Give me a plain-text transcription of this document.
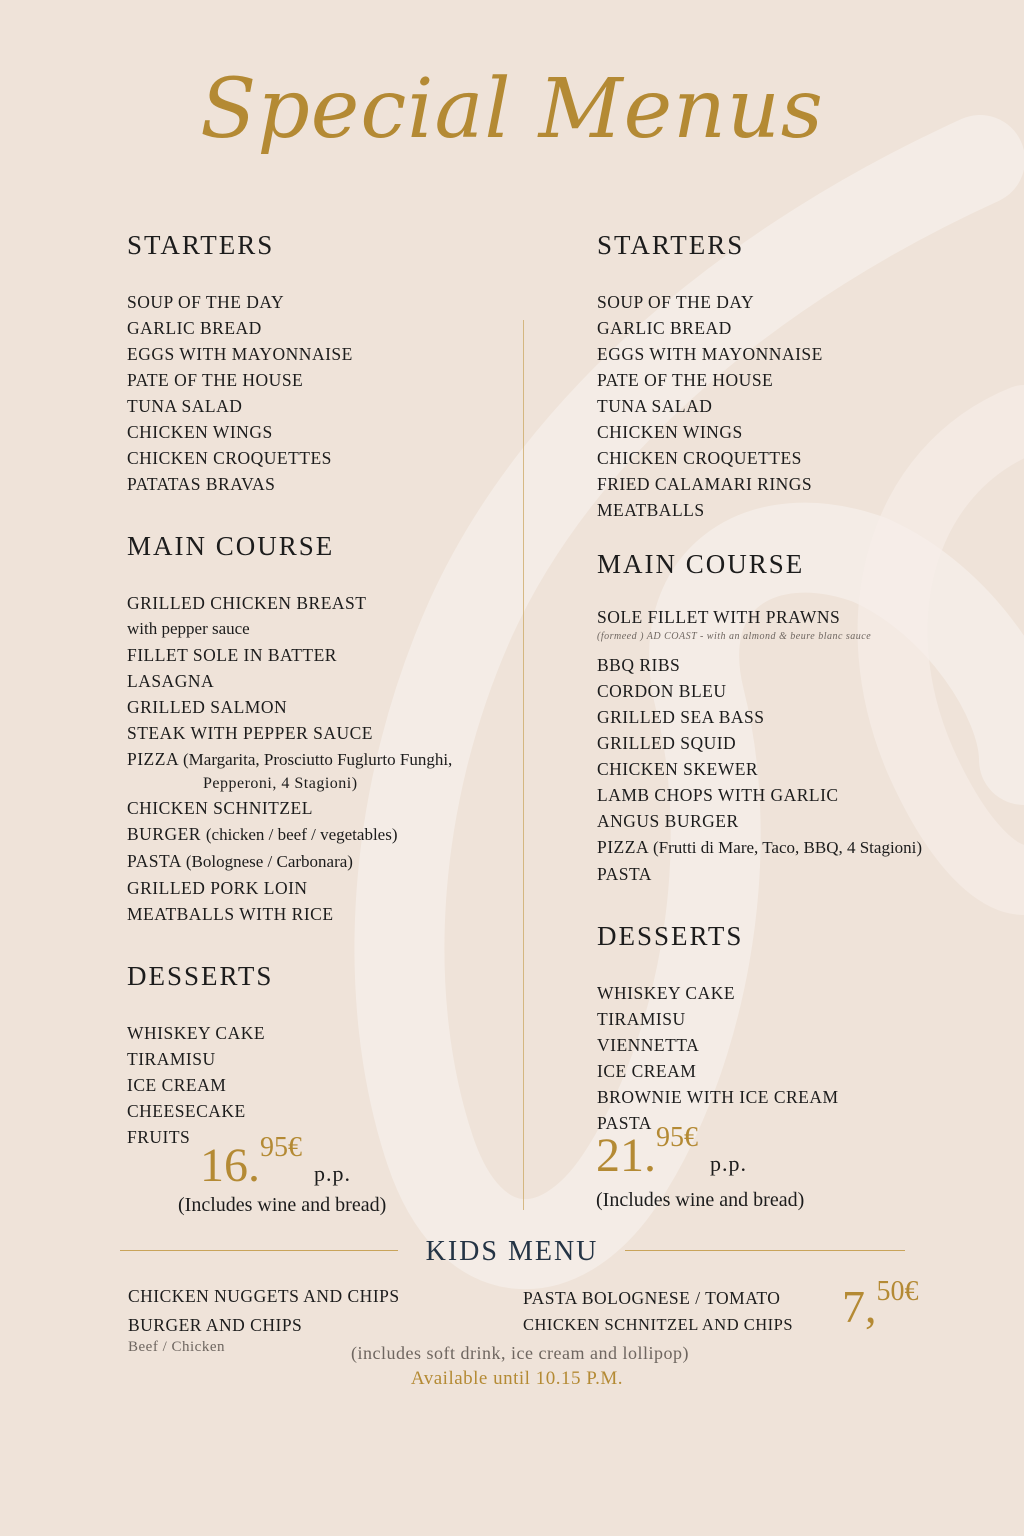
Special Menus
STARTERS
SOUP OF THE DAY
GARLIC BREAD
EGGS WITH MAYONNAISE
PATE OF THE HOUSE
TUNA SALAD
CHICKEN WINGS
CHICKEN CROQUETTES
PATATAS BRAVAS
MAIN COURSE
GRILLED CHICKEN BREAST
with pepper sauce
FILLET SOLE IN BATTER
LASAGNA
GRILLED SALMON
STEAK WITH PEPPER SAUCE
PIZZA (Margarita, Prosciutto Fuglurto Funghi,
Pepperoni, 4 Stagioni)
CHICKEN SCHNITZEL
BURGER (chicken / beef / vegetables)
PASTA (Bolognese / Carbonara)
GRILLED PORK LOIN
MEATBALLS WITH RICE
DESSERTS
WHISKEY CAKE
TIRAMISU
ICE CREAM
CHEESECAKE
FRUITS
16.$^{95€}$ p.p.
(Includes wine and bread)
STARTERS
SOUP OF THE DAY
GARLIC BREAD
EGGS WITH MAYONNAISE
PATE OF THE HOUSE
TUNA SALAD
CHICKEN WINGS
CHICKEN CROQUETTES
FRIED CALAMARI RINGS
MEATBALLS
MAIN COURSE
SOLE FILLET WITH PRAWNS
(formeed ) AD COAST - with an almond & beure blanc sauce
BBQ RIBS
CORDON BLEU
GRILLED SEA BASS
GRILLED SQUID
CHICKEN SKEWER
LAMB CHOPS WITH GARLIC
ANGUS BURGER
PIZZA (Frutti di Mare, Taco, BBQ, 4 Stagioni)
PASTA
DESSERTS
WHISKEY CAKE
TIRAMISU
VIENNETTA
ICE CREAM
BROWNIE WITH ICE CREAM
PASTA
21.$^{95€}$ p.p.
(Includes wine and bread)
KIDS MENU
CHICKEN NUGGETS AND CHIPS
BURGER AND CHIPS
Beef / Chicken
PASTA BOLOGNESE / TOMATO
CHICKEN SCHNITZEL AND CHIPS 7,$^{50€}$
(includes soft drink, ice cream and lollipop)
Available until 10.15 P.M.
